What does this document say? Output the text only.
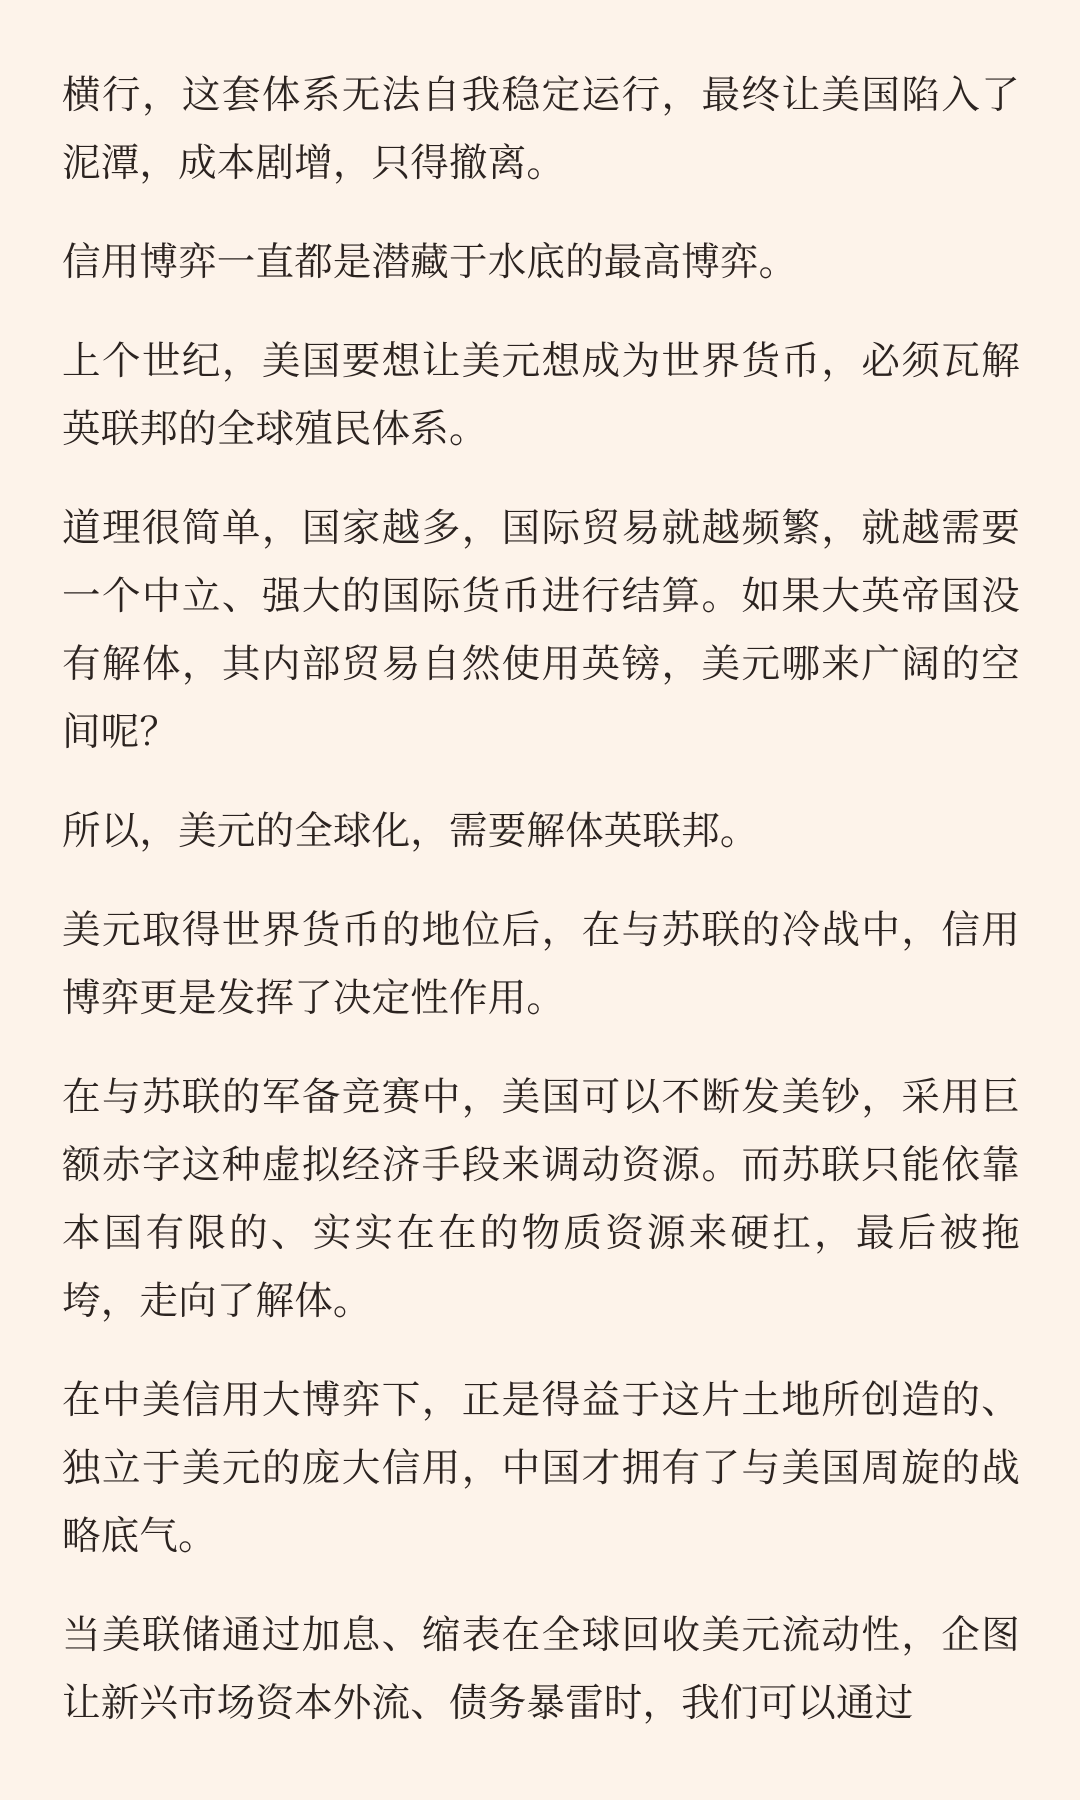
横行，这套体系无法自我稳定运行，最终让美国陷入了泥潭，成本剧增，只得撤离。

信用博弈一直都是潜藏于水底的最高博弈。

上个世纪，美国要想让美元想成为世界货币，必须瓦解英联邦的全球殖民体系。

道理很简单，国家越多，国际贸易就越频繁，就越需要一个中立、强大的国际货币进行结算。如果大英帝国没有解体，其内部贸易自然使用英镑，美元哪来广阔的空间呢？

所以，美元的全球化，需要解体英联邦。

美元取得世界货币的地位后，在与苏联的冷战中，信用博弈更是发挥了决定性作用。

在与苏联的军备竞赛中，美国可以不断发美钞，采用巨额赤字这种虚拟经济手段来调动资源。而苏联只能依靠本国有限的、实实在在的物质资源来硬扛，最后被拖垮，走向了解体。

在中美信用大博弈下，正是得益于这片土地所创造的、独立于美元的庞大信用，中国才拥有了与美国周旋的战略底气。

当美联储通过加息、缩表在全球回收美元流动性，企图让新兴市场资本外流、债务暴雷时，我们可以通过
